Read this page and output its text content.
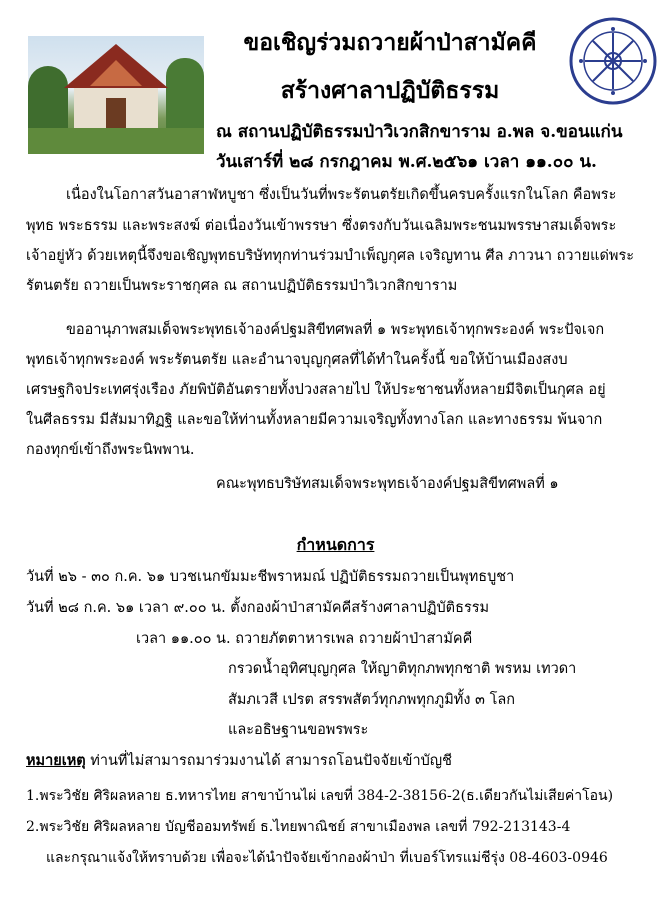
ขอเชิญร่วมถวายผ้าป่าสามัคคี
สร้างศาลาปฏิบัติธรรม
ณ สถานปฏิบัติธรรมป่าวิเวกสิกขาราม อ.พล จ.ขอนแก่น
วันเสาร์ที่ ๒๘ กรกฎาคม พ.ศ.๒๕๖๑ เวลา ๑๑.๐๐ น.
เนื่องในโอกาสวันอาสาฬหบูชา ซึ่งเป็นวันที่พระรัตนตรัยเกิดขึ้นครบครั้งแรกในโลก คือพระ
พุทธ พระธรรม และพระสงฆ์ ต่อเนื่องวันเข้าพรรษา ซึ่งตรงกับวันเฉลิมพระชนมพรรษาสมเด็จพระ
เจ้าอยู่หัว ด้วยเหตุนี้จึงขอเชิญพุทธบริษัททุกท่านร่วมบำเพ็ญกุศล เจริญทาน ศีล ภาวนา ถวายแด่พระ
รัตนตรัย ถวายเป็นพระราชกุศล ณ สถานปฏิบัติธรรมป่าวิเวกสิกขาราม
ขออานุภาพสมเด็จพระพุทธเจ้าองค์ปฐมสิขีทศพลที่ ๑ พระพุทธเจ้าทุกพระองค์ พระปัจเจก
พุทธเจ้าทุกพระองค์ พระรัตนตรัย และอำนาจบุญกุศลที่ได้ทำในครั้งนี้ ขอให้บ้านเมืองสงบ
เศรษฐกิจประเทศรุ่งเรือง ภัยพิบัติอันตรายทั้งปวงสลายไป ให้ประชาชนทั้งหลายมีจิตเป็นกุศล อยู่
ในศีลธรรม มีสัมมาทิฏฐิ และขอให้ท่านทั้งหลายมีความเจริญทั้งทางโลก และทางธรรม พ้นจาก
กองทุกข์เข้าถึงพระนิพพาน.
คณะพุทธบริษัทสมเด็จพระพุทธเจ้าองค์ปฐมสิขีทศพลที่ ๑
กำหนดการ
วันที่ ๒๖ - ๓๐ ก.ค. ๖๑ บวชเนกขัมมะชีพราหมณ์ ปฏิบัติธรรมถวายเป็นพุทธบูชา
วันที่ ๒๘ ก.ค. ๖๑ เวลา ๙.๐๐ น. ตั้งกองผ้าป่าสามัคคีสร้างศาลาปฏิบัติธรรม
เวลา ๑๑.๐๐ น. ถวายภัตตาหารเพล ถวายผ้าป่าสามัคคี
กรวดน้ำอุทิศบุญกุศล ให้ญาติทุกภพทุกชาติ พรหม เทวดา
สัมภเวสี เปรต สรรพสัตว์ทุกภพทุกภูมิทั้ง ๓ โลก
และอธิษฐานขอพรพระ
หมายเหตุ ท่านที่ไม่สามารถมาร่วมงานได้ สามารถโอนปัจจัยเข้าบัญชี
1.พระวิชัย ศิริผลหลาย ธ.ทหารไทย สาขาบ้านไผ่ เลขที่ 384-2-38156-2(ธ.เดียวกันไม่เสียค่าโอน)
2.พระวิชัย ศิริผลหลาย บัญชีออมทรัพย์ ธ.ไทยพาณิชย์ สาขาเมืองพล เลขที่ 792-213143-4
และกรุณาแจ้งให้ทราบด้วย เพื่อจะได้นำปัจจัยเข้ากองผ้าป่า ที่เบอร์โทรแม่ชีรุ่ง 08-4603-0946
